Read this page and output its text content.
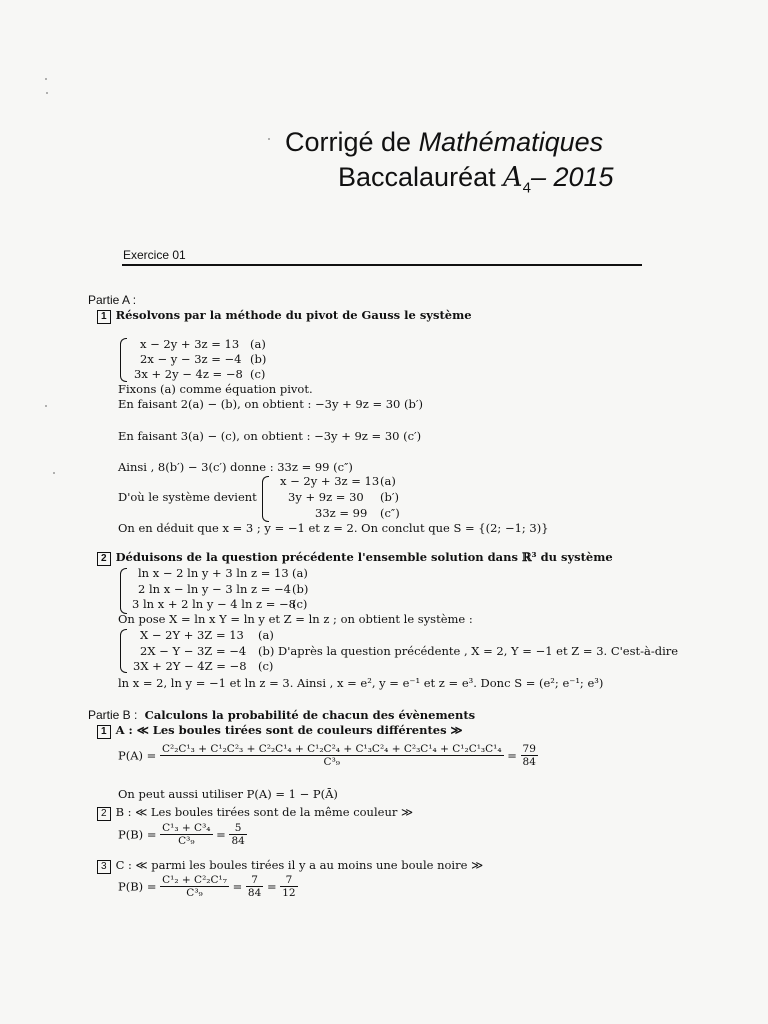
Corrigé de Mathématiques
Baccalauréat $A_4-$ 2015
Exercice 01
Partie A :
1 Résolvons par la méthode du pivot de Gauss le système
x − 2y + 3z = 13 (a)
2x − y − 3z = −4 (b)
3x + 2y − 4z = −8 (c)
Fixons (a) comme équation pivot.
En faisant 2(a) − (b), on obtient : −3y + 9z = 30 (b′)
En faisant 3(a) − (c), on obtient : −3y + 9z = 30 (c′)
Ainsi , 8(b′) − 3(c′) donne : 33z = 99 (c″)
D'où le système devient
x − 2y + 3z = 13 (a)
3y + 9z = 30 (b′)
33z = 99 (c″)
On en déduit que x = 3 ; y = −1 et z = 2. On conclut que S = {(2; −1; 3)}
2 Déduisons de la question précédente l'ensemble solution dans ℝ³ du système
ln x − 2 ln y + 3 ln z = 13 (a)
2 ln x − ln y − 3 ln z = −4 (b)
3 ln x + 2 ln y − 4 ln z = −8
(c)
On pose X = ln x Y = ln y et Z = ln z ; on obtient le système :
X − 2Y + 3Z = 13 (a)
2X − Y − 3Z = −4 (b) D'après la question précédente , X = 2, Y = −1 et Z = 3. C'est-à-dire
3X + 2Y − 4Z = −8 (c)
ln x = 2, ln y = −1 et ln z = 3. Ainsi , x = e², y = e⁻¹ et z = e³. Donc S = (e²; e⁻¹; e³)
Partie B : Calculons la probabilité de chacun des évènements
1 A : ≪ Les boules tirées sont de couleurs différentes ≫
P(A) = C²₂C¹₃ + C¹₂C²₃ + C²₂C¹₄ + C¹₂C²₄ + C¹₃C²₄ + C²₃C¹₄ + C¹₂C¹₃C¹₄
C³₉	= $\frac{79}{84}$
On peut aussi utiliser P(A) = 1 − P(Ā)
2 B : ≪ Les boules tirées sont de la même couleur ≫
$P(B) = \frac{\text{C¹₃ + C³₄}}{\text{C³₉}} = \frac{5}{84}$
3 C : ≪ parmi les boules tirées il y a au moins une boule noire ≫
$P(B) = \frac{\text{C¹₂ + C²₂C¹₇}}{\text{C³₉}} = \frac{7}{84} = \frac{7}{12}$
